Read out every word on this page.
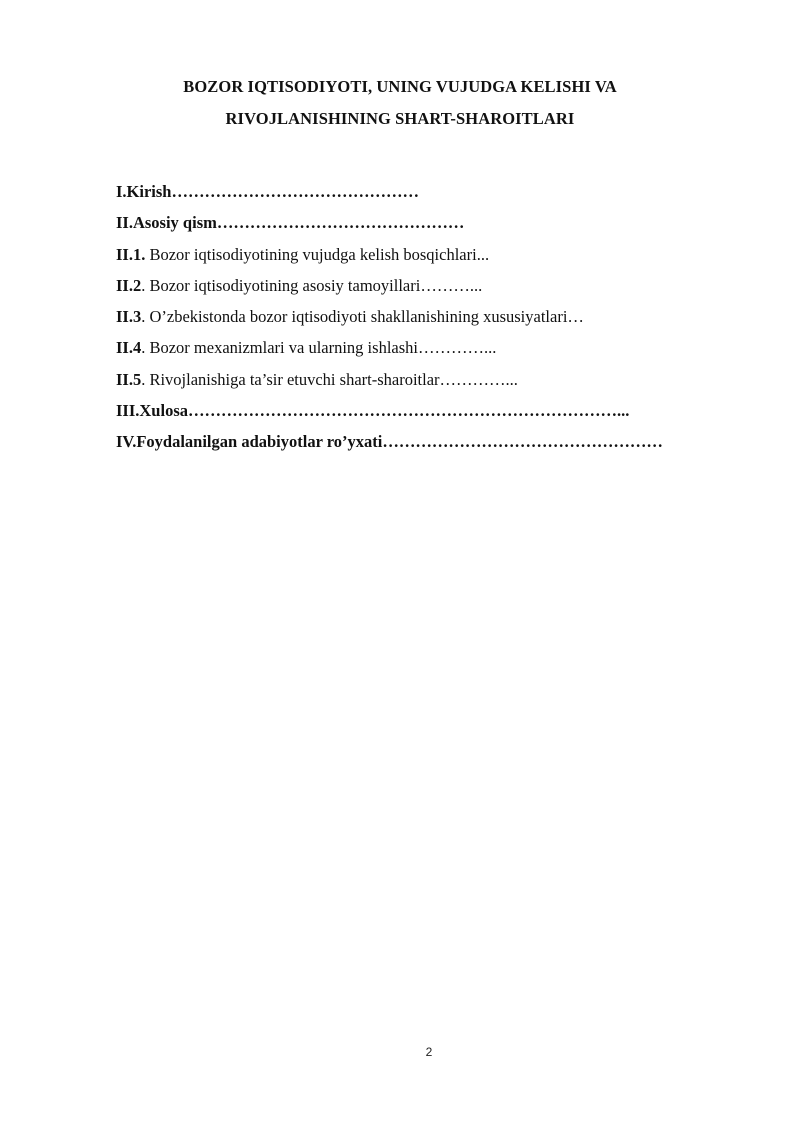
BOZOR IQTISODIYOTI, UNING VUJUDGA KELISHI VA
RIVOJLANISHINING SHART-SHAROITLARI
I.Kirish………………………………………
II.Asosiy qism………………………………………
II.1. Bozor iqtisodiyotining vujudga kelish bosqichlari...
II.2. Bozor iqtisodiyotining asosiy tamoyillari………...
II.3. O’zbekistonda bozor iqtisodiyoti shakllanishining xususiyatlari…
II.4. Bozor mexanizmlari va ularning ishlashi…………...
II.5. Rivojlanishiga ta’sir etuvchi shart-sharoitlar…………...
III.Xulosa……………………………………………………………………...
IV.Foydalanilgan adabiyotlar ro’yxati……………………………………………
2
